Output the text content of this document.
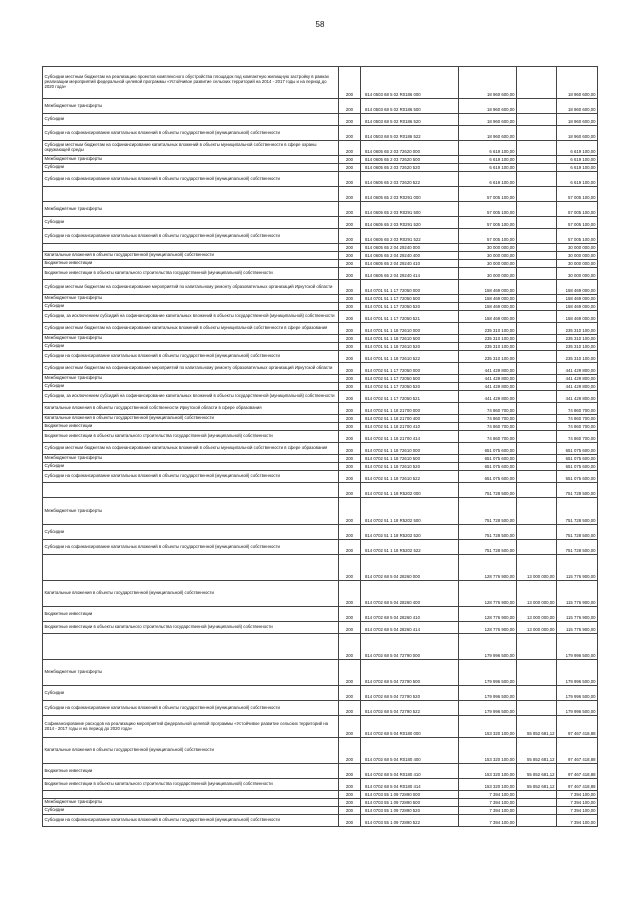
58
Субсидии местным бюджетам на реализацию проектов комплексного обустройства площадок под компактную жилищную застройку в рамках реализации мероприятий федеральной целевой программы «Устойчивое развитие сельских территорий на 2014 - 2017 годы и на период до 2020 года»	200	814 0503 68 5 02 R0186 000	18 960 600,00		18 960 600,00
Межбюджетные трансферты	200	814 0503 68 5 02 R0186 500	18 960 600,00		18 960 600,00
Субсидии	200	814 0503 68 5 02 R0186 520	18 960 600,00		18 960 600,00
Субсидии на софинансирование капитальных вложений в объекты государственной (муниципальной) собственности	200	814 0503 68 5 02 R0186 522	18 960 600,00		18 960 600,00
Субсидии местным бюджетам на софинансирование капитальных вложений в объекты муниципальной собственности в сфере охраны окружающей среды	200	814 0605 65 2 03 72620 000	6 619 100,00		6 619 100,00
Межбюджетные трансферты	200	814 0605 65 2 03 72620 500	6 619 100,00		6 619 100,00
Субсидии	200	814 0605 65 2 03 72620 520	6 619 100,00		6 619 100,00
Субсидии на софинансирование капитальных вложений в объекты государственной (муниципальной) собственности	200	814 0605 65 2 03 72620 522	6 619 100,00		6 619 100,00
	200	814 0605 65 2 03 R0291 000	57 005 100,00		57 005 100,00
Межбюджетные трансферты	200	814 0605 65 2 03 R0291 500	57 005 100,00		57 005 100,00
Субсидии	200	814 0605 65 2 03 R0291 520	57 005 100,00		57 005 100,00
Субсидии на софинансирование капитальных вложений в объекты государственной (муниципальной) собственности	200	814 0605 65 2 03 R0291 522	57 005 100,00		57 005 100,00
	200	814 0605 65 2 04 29240 000	30 000 000,00		30 000 000,00
Капитальные вложения в объекты государственной (муниципальной) собственности	200	814 0605 65 2 04 29240 400	30 000 000,00		30 000 000,00
Бюджетные инвестиции	200	814 0605 65 2 04 29240 410	30 000 000,00		30 000 000,00
Бюджетные инвестиции в объекты капитального строительства государственной (муниципальной) собственности	200	814 0605 65 2 04 29240 414	30 000 000,00		30 000 000,00
Субсидии местным бюджетам на софинансирование мероприятий по капитальному ремонту образовательных организаций Иркутской области	200	814 0701 51 1 17 72050 000	158 469 000,00		158 469 000,00
Межбюджетные трансферты	200	814 0701 51 1 17 72050 500	158 469 000,00		158 469 000,00
Субсидии	200	814 0701 51 1 17 72050 520	158 469 000,00		158 469 000,00
Субсидии, за исключением субсидий на софинансирование капитальных вложений в объекты государственной (муниципальной) собственности	200	814 0701 51 1 17 72050 521	158 469 000,00		158 469 000,00
Субсидии местным бюджетам на софинансирование капитальных вложений в объекты муниципальной собственности в сфере образования	200	814 0701 51 1 18 72610 000	235 310 100,00		235 310 100,00
Межбюджетные трансферты	200	814 0701 51 1 18 72610 500	235 310 100,00		235 310 100,00
Субсидии	200	814 0701 51 1 18 72610 520	235 310 100,00		235 310 100,00
Субсидии на софинансирование капитальных вложений в объекты государственной (муниципальной) собственности	200	814 0701 51 1 18 72610 522	235 310 100,00		235 310 100,00
Субсидии местным бюджетам на софинансирование мероприятий по капитальному ремонту образовательных организаций Иркутской области	200	814 0702 51 1 17 72050 000	441 429 800,00		441 429 800,00
Межбюджетные трансферты	200	814 0702 51 1 17 72050 500	441 429 800,00		441 429 800,00
Субсидии	200	814 0702 51 1 17 72050 520	441 429 800,00		441 429 800,00
Субсидии, за исключением субсидий на софинансирование капитальных вложений в объекты государственной (муниципальной) собственности	200	814 0702 51 1 17 72050 521	441 429 800,00		441 429 800,00
Капитальные вложения в объекты государственной собственности Иркутской области в сфере образования	200	814 0702 51 1 18 21700 000	74 860 700,00		74 860 700,00
Капитальные вложения в объекты государственной (муниципальной) собственности	200	814 0702 51 1 18 21700 400	74 860 700,00		74 860 700,00
Бюджетные инвестиции	200	814 0702 51 1 18 21700 410	74 860 700,00		74 860 700,00
Бюджетные инвестиции в объекты капитального строительства государственной (муниципальной) собственности	200	814 0702 51 1 18 21700 414	74 860 700,00		74 860 700,00
Субсидии местным бюджетам на софинансирование капитальных вложений в объекты муниципальной собственности в сфере образования	200	814 0702 51 1 18 72610 000	651 075 600,00		651 075 600,00
Межбюджетные трансферты	200	814 0702 51 1 18 72610 500	651 075 600,00		651 075 600,00
Субсидии	200	814 0702 51 1 18 72610 520	651 075 600,00		651 075 600,00
Субсидии на софинансирование капитальных вложений в объекты государственной (муниципальной) собственности	200	814 0702 51 1 18 72610 522	651 075 600,00		651 075 600,00
	200	814 0702 51 1 18 R5202 000	751 728 500,00		751 728 500,00
Межбюджетные трансферты	200	814 0702 51 1 18 R5202 500	751 728 500,00		751 728 500,00
Субсидии	200	814 0702 51 1 18 R5202 520	751 728 500,00		751 728 500,00
Субсидии на софинансирование капитальных вложений в объекты государственной (муниципальной) собственности	200	814 0702 51 1 18 R5202 522	751 728 500,00		751 728 500,00
	200	814 0702 68 5 04 28260 000	128 776 900,00	13 000 000,00	115 776 900,00
Капитальные вложения в объекты государственной (муниципальной) собственности	200	814 0702 68 5 04 28260 400	128 776 900,00	13 000 000,00	115 776 900,00
Бюджетные инвестиции	200	814 0702 68 5 04 28260 410	128 776 900,00	13 000 000,00	115 776 900,00
Бюджетные инвестиции в объекты капитального строительства государственной (муниципальной) собственности	200	814 0702 68 5 04 28260 414	128 776 900,00	13 000 000,00	115 776 900,00
	200	814 0702 68 5 04 72790 000	179 996 500,00		179 996 500,00
Межбюджетные трансферты	200	814 0702 68 5 04 72790 500	179 996 500,00		179 996 500,00
Субсидии	200	814 0702 68 5 04 72790 520	179 996 500,00		179 996 500,00
Субсидии на софинансирование капитальных вложений в объекты государственной (муниципальной) собственности	200	814 0702 68 5 04 72790 522	179 996 500,00		179 996 500,00
Софинансирование расходов на реализацию мероприятий федеральной целевой программы «Устойчивое развитие сельских территорий на 2014 - 2017 годы и на период до 2020 года»	200	814 0702 68 5 04 R0180 000	153 320 100,00	55 852 681,12	97 467 418,88
Капитальные вложения в объекты государственной (муниципальной) собственности	200	814 0702 68 5 04 R0180 400	153 320 100,00	55 852 681,12	97 467 418,88
Бюджетные инвестиции	200	814 0702 68 5 04 R0180 410	153 320 100,00	55 852 681,12	97 467 418,88
Бюджетные инвестиции в объекты капитального строительства государственной (муниципальной) собственности	200	814 0702 68 5 04 R0180 414	153 320 100,00	55 852 681,12	97 467 418,88
	200	814 0703 55 1 09 72890 000	7 394 100,00		7 394 100,00
Межбюджетные трансферты	200	814 0703 55 1 09 72890 500	7 394 100,00		7 394 100,00
Субсидии	200	814 0703 55 1 09 72890 520	7 394 100,00		7 394 100,00
Субсидии на софинансирование капитальных вложений в объекты государственной (муниципальной) собственности	200	814 0703 55 1 09 72890 522	7 394 100,00		7 394 100,00
